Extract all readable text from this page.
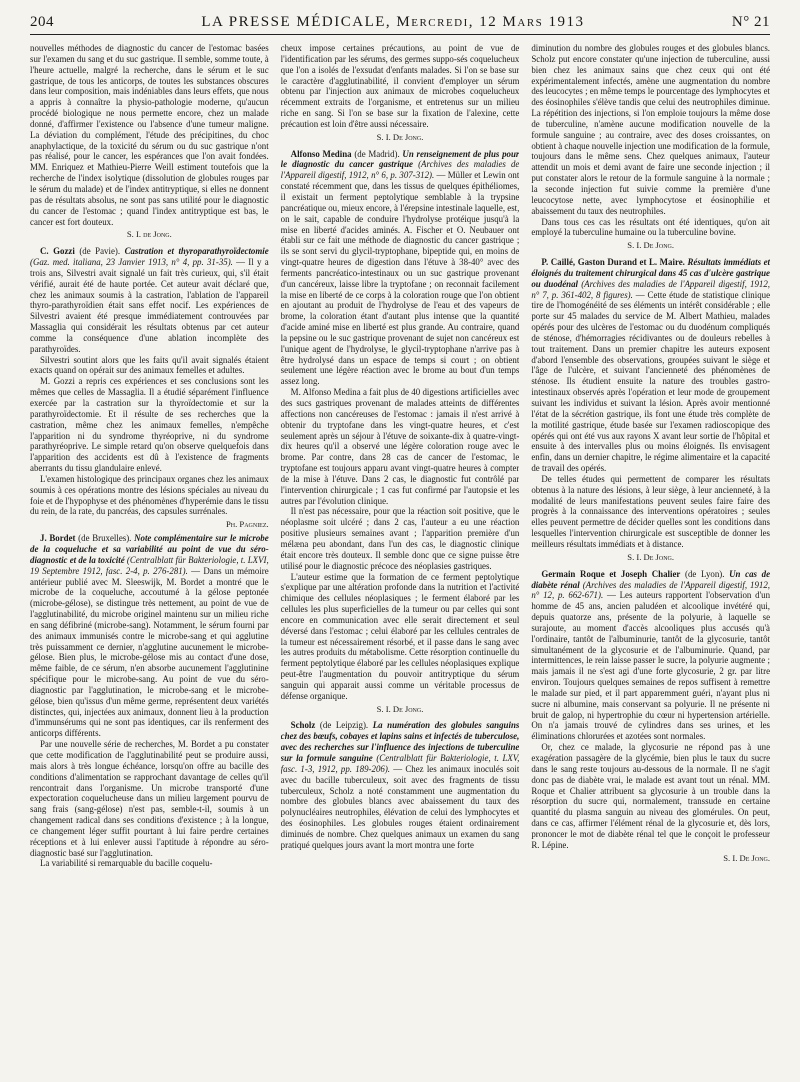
204	LA PRESSE MÉDICALE, Mercredi, 12 Mars 1913	N° 21

nouvelles méthodes de diagnostic du cancer de l'estomac basées sur l'examen du sang et du suc gastrique. Il semble, somme toute, à l'heure actuelle, malgré la recherche, dans le sérum et le suc gastrique, de tous les anticorps, de toutes les substances obscures dans leur composition, mais indéniables dans leurs effets, que nous a appris à connaître la physio-pathologie moderne, qu'aucun procédé biologique ne nous permette encore, chez un malade donné, d'affirmer l'existence ou l'absence d'une tumeur maligne. La déviation du complément, l'étude des précipitines, du choc anaphylactique, de la toxicité du sérum ou du suc gastrique n'ont pas réalisé, pour le cancer, les espérances que l'on avait fondées. MM. Enriquez et Mathieu-Pierre Weill estiment toutefois que la recherche de l'index isolytique (dissolution de globules rouges par le sérum du malade) et de l'index antitryptique, si elles ne donnent pas de résultats absolus, ne sont pas sans utilité pour le diagnostic du cancer de l'estomac ; quand l'index antitryptique est bas, le cancer est fort douteux.

S. I. de Jong.

C. Gozzi (de Pavie). Castration et thyroparathyroïdectomie (Gaz. med. italiana, 23 Janvier 1913, n° 4, pp. 31-35). — Il y a trois ans, Silvestri avait signalé un fait très curieux, qui, s'il était vérifié, aurait été de haute portée. Cet auteur avait déclaré que, chez les animaux soumis à la castration, l'ablation de l'appareil thyro-parathyroïdien était sans effet nocif. Les expériences de Silvestri avaient été presque immédiatement controuvées par Massaglia qui considérait les résultats obtenus par cet auteur comme la conséquence d'une ablation incomplète des parathyroïdes.

Silvestri soutint alors que les faits qu'il avait signalés étaient exacts quand on opérait sur des animaux femelles et adultes.

M. Gozzi a repris ces expériences et ses conclusions sont les mêmes que celles de Massaglia. Il a étudié séparément l'influence exercée par la castration sur la thyroïdectomie et sur la parathyroïdectomie. Et il résulte de ses recherches que la castration, même chez les animaux femelles, n'empêche l'apparition ni du syndrome thyréoprive, ni du syndrome parathyréoprive. Le simple retard qu'on observe quelquefois dans l'apparition des accidents est dû à l'existence de fragments aberrants du tissu glandulaire enlevé.

L'examen histologique des principaux organes chez les animaux soumis à ces opérations montre des lésions spéciales au niveau du foie et de l'hypophyse et des phénomènes d'hyperémie dans le tissu du rein, de la rate, du pancréas, des capsules surrénales.

Ph. Pagniez.

J. Bordet (de Bruxelles). Note complémentaire sur le microbe de la coqueluche et sa variabilité au point de vue du séro-diagnostic et de la toxicité (Centralblatt für Bakteriologie, t. LXVI, 19 Septembre 1912, fasc. 2-4, p. 276-281). — Dans un mémoire antérieur publié avec M. Sleeswijk, M. Bordet a montré que le microbe de la coqueluche, accoutumé à la gélose peptonée (microbe-gélose), se distingue très nettement, au point de vue de l'agglutinabilité, du microbe originel maintenu sur un milieu riche en sang défibriné (microbe-sang). Notamment, le sérum fourni par des animaux immunisés contre le microbe-sang et qui agglutine très puissamment ce dernier, n'agglutine aucunement le microbe-gélose. Bien plus, le microbe-gélose mis au contact d'une dose, même faible, de ce sérum, n'en absorbe aucunement l'agglutinine spécifique pour le microbe-sang. Au point de vue du séro-diagnostic par l'agglutination, le microbe-sang et le microbe-gélose, bien qu'issus d'un même germe, représentent deux variétés distinctes, qui, injectées aux animaux, donnent lieu à la production d'immunsérums qui ne sont pas identiques, car ils renferment des anticorps différents.

Par une nouvelle série de recherches, M. Bordet a pu constater que cette modification de l'agglutinabilité peut se produire aussi, mais alors à très longue échéance, lorsqu'on offre au bacille des conditions d'alimentation se rapprochant davantage de celles qu'il rencontrait dans l'organisme. Un microbe transporté d'une expectoration coquelucheuse dans un milieu largement pourvu de sang frais (sang-gélose) n'est pas, semble-t-il, soumis à un changement radical dans ses conditions d'existence ; à la longue, ce changement léger suffit pourtant à lui faire perdre certaines réceptions et à lui enlever aussi l'aptitude à répondre au séro-diagnostic basé sur l'agglutination.

La variabilité si remarquable du bacille coquelu-

cheux impose certaines précautions, au point de vue de l'identification par les sérums, des germes suppo-sés coquelucheux que l'on a isolés de l'exsudat d'enfants malades. Si l'on se base sur le caractère d'agglutinabilité, il convient d'employer un sérum obtenu par l'injection aux animaux de microbes coquelucheux récemment extraits de l'organisme, et entretenus sur un milieu riche en sang. Si l'on se base sur la fixation de l'alexine, cette précaution est loin d'être aussi nécessaire.

S. I. De Jong.

Alfonso Medina (de Madrid). Un renseignement de plus pour le diagnostic du cancer gastrique (Archives des maladies de l'Appareil digestif, 1912, n° 6, p. 307-312). — Müller et Lewin ont constaté récemment que, dans les tissus de quelques épithéliomes, il existait un ferment peptolytique semblable à la trypsine pancréatique ou, mieux encore, à l'érepsine intestinale laquelle, est, on le sait, capable de conduire l'hydrolyse protéique jusqu'à la mise en liberté d'acides aminés. A. Fischer et O. Neubauer ont établi sur ce fait une méthode de diagnostic du cancer gastrique ; ils se sont servi du glycil-tryptophane, bipeptide qui, en moins de vingt-quatre heures de digestion dans l'étuve à 38-40° avec des ferments pancréatico-intestinaux ou un suc gastrique provenant d'un cancéreux, laisse libre la tryptofane ; on reconnait facilement la mise en liberté de ce corps à la coloration rouge que l'on obtient en ajoutant au produit de l'hydrolyse de l'eau et des vapeurs de brome, la coloration étant d'autant plus intense que la quantité d'acide aminé mise en liberté est plus grande. Au contraire, quand la pepsine ou le suc gastrique provenant de sujet non cancéreux est l'unique agent de l'hydrolyse, le glycil-tryptophane n'arrive pas à être hydrolysé dans un espace de temps si court ; on obtient seulement une légère réaction avec le brome au bout d'un temps assez long.

M. Alfonso Medina a fait plus de 40 digestions artificielles avec des sucs gastriques provenant de malades atteints de différentes affections non cancéreuses de l'estomac : jamais il n'est arrivé à obtenir du tryptofane dans les vingt-quatre heures, et c'est seulement après un séjour à l'étuve de soixante-dix à quatre-vingt-dix heures qu'il a observé une légère coloration rouge avec le brome. Par contre, dans 28 cas de cancer de l'estomac, le tryptofane est toujours apparu avant vingt-quatre heures à compter de la mise à l'étuve. Dans 2 cas, le diagnostic fut contrôlé par l'intervention chirurgicale ; 1 cas fut confirmé par l'autopsie et les autres par l'évolution clinique.

Il n'est pas nécessaire, pour que la réaction soit positive, que le néoplasme soit ulcéré ; dans 2 cas, l'auteur a eu une réaction positive plusieurs semaines avant ; l'apparition première d'un mélæna peu abondant, dans l'un des cas, le diagnostic clinique était encore très douteux. Il semble donc que ce signe puisse être utilisé pour le diagnostic précoce des néoplasies gastriques.

L'auteur estime que la formation de ce ferment peptolytique s'explique par une altération profonde dans la nutrition et l'activité chimique des cellules néoplasiques ; le ferment élaboré par les cellules les plus superficielles de la tumeur ou par celles qui sont encore en communication avec elle serait directement et seul déversé dans l'estomac ; celui élaboré par les cellules centrales de la tumeur est nécessairement résorbé, et il passe dans le sang avec les autres produits du métabolisme. Cette résorption continuelle du ferment peptolytique élaboré par les cellules néoplasiques explique peut-être l'augmentation du pouvoir antitryptique du sérum sanguin qui apparait aussi comme un véritable processus de défense organique.

S. I. De Jong.

Scholz (de Leipzig). La numération des globules sanguins chez des bœufs, cobayes et lapins sains et infectés de tuberculose, avec des recherches sur l'influence des injections de tuberculine sur la formule sanguine (Centralblatt für Bakteriologie, t. LXV, fasc. 1-3, 1912, pp. 189-206). — Chez les animaux inoculés soit avec du bacille tuberculeux, soit avec des fragments de tissu tuberculeux, Scholz a noté constamment une augmentation du nombre des globules blancs avec abaissement du taux des polynucléaires neutrophiles, élévation de celui des lymphocytes et des éosinophiles. Les globules rouges étaient ordinairement diminués de nombre. Chez quelques animaux un examen du sang pratiqué quelques jours avant la mort montra une forte

diminution du nombre des globules rouges et des globules blancs. Scholz put encore constater qu'une injection de tuberculine, aussi bien chez les animaux sains que chez ceux qui ont été expérimentalement infectés, amène une augmentation du nombre des leucocytes ; en même temps le pourcentage des lymphocytes et des éosinophiles s'élève tandis que celui des neutrophiles diminue. La répétition des injections, si l'on emploie toujours la même dose de tuberculine, n'amène aucune modification nouvelle de la formule sanguine ; au contraire, avec des doses croissantes, on obtient à chaque nouvelle injection une modification de la formule, toujours dans le même sens. Chez quelques animaux, l'auteur attendit un mois et demi avant de faire une seconde injection ; il put constater alors le retour de la formule sanguine à la normale ; la seconde injection fut suivie comme la première d'une leucocytose nette, avec lymphocytose et éosinophilie et abaissement du taux des neutrophiles.

Dans tous ces cas les résultats ont été identiques, qu'on ait employé la tuberculine humaine ou la tuberculine bovine.

S. I. De Jong.

P. Caillé, Gaston Durand et L. Maire. Résultats immédiats et éloignés du traitement chirurgical dans 45 cas d'ulcère gastrique ou duodénal (Archives des maladies de l'Appareil digestif, 1912, n° 7, p. 361-402, 8 figures). — Cette étude de statistique clinique tire de l'homogénéité de ses éléments un intérêt considérable ; elle porte sur 45 malades du service de M. Albert Mathieu, malades opérés pour des ulcères de l'estomac ou du duodénum compliqués de sténose, d'hémorragies récidivantes ou de douleurs rebelles à tout traitement. Dans un premier chapitre les auteurs exposent d'abord l'ensemble des observations, groupées suivant le siège et l'âge de l'ulcère, et suivant l'ancienneté des phénomènes de sténose. Ils étudient ensuite la nature des troubles gastro-intestinaux observés après l'opération et leur mode de groupement suivant les individus et suivant la lésion. Après avoir mentionné l'état de la sécrétion gastrique, ils font une étude très complète de la motilité gastrique, étude basée sur l'examen radioscopique des opérés qui ont été vus aux rayons X avant leur sortie de l'hôpital et ensuite à des intervalles plus ou moins éloignés. Ils envisagent enfin, dans un dernier chapitre, le régime alimentaire et la capacité de travail des opérés.

De telles études qui permettent de comparer les résultats obtenus à la nature des lésions, à leur siège, à leur ancienneté, à la modalité de leurs manifestations peuvent seules faire faire des progrès à la connaissance des interventions opératoires ; seules elles peuvent permettre de décider quelles sont les conditions dans lesquelles l'intervention chirurgicale est susceptible de donner les meilleurs résultats immédiats et à distance.

S. I. De Jong.

Germain Roque et Joseph Chalier (de Lyon). Un cas de diabète rénal (Archives des maladies de l'Appareil digestif, 1912, n° 12, p. 662-671). — Les auteurs rapportent l'observation d'un homme de 45 ans, ancien paludéen et alcoolique invétéré qui, depuis quatorze ans, présente de la polyurie, à laquelle se surajoute, au moment d'accès alcooliques plus accusés qu'à l'ordinaire, tantôt de l'albuminurie, tantôt de la glycosurie, tantôt simultanément de la glycosurie et de l'albuminurie. Quand, par intermittences, le rein laisse passer le sucre, la polyurie augmente ; mais jamais il ne s'est agi d'une forte glycosurie, 2 gr. par litre environ. Toujours quelques semaines de repos suffisent à remettre le malade sur pied, et il part apparemment guéri, n'ayant plus ni sucre ni albumine, mais conservant sa polyurie. Il ne présente ni bruit de galop, ni hypertrophie du cœur ni hypertension artérielle. On n'a jamais trouvé de cylindres dans ses urines, et les éliminations chlorurées et azotées sont normales.

Or, chez ce malade, la glycosurie ne répond pas à une exagération passagère de la glycémie, bien plus le taux du sucre dans le sang reste toujours au-dessous de la normale. Il ne s'agit donc pas de diabète vrai, le malade est avant tout un rénal. MM. Roque et Chalier attribuent sa glycosurie à un trouble dans la résorption du sucre qui, normalement, transsude en certaine quantité du plasma sanguin au niveau des glomérules. On peut, dans ce cas, affirmer l'élément rénal de la glycosurie et, dès lors, prononcer le mot de diabète rénal tel que le conçoit le professeur R. Lépine.

S. I. De Jong.
